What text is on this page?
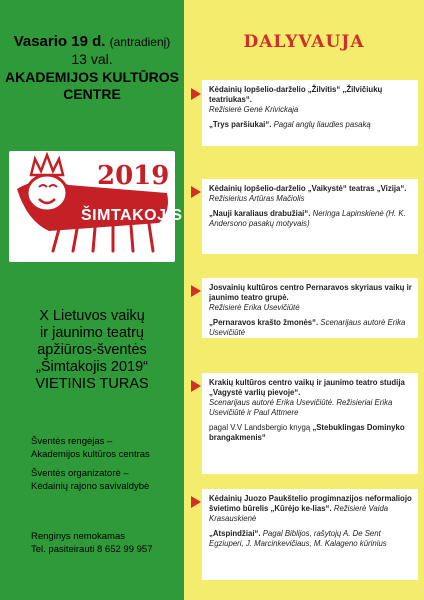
Vasario 19 d. (antradienį)
13 val.
AKADEMIJOS KULTŪROS
CENTRE
2019
ŠIMTAKOJIS
X Lietuvos vaikų
ir jaunimo teatrų
apžiūros-šventės
„Šimtakojis 2019“
VIETINIS TURAS

Šventės rengėjas –
Akademijos kultūros centras

Šventės organizatorė –
Kėdainių rajono savivaldybė

Renginys nemokamas
Tel. pasiteirauti 8 652 99 957
DALYVAUJA

Kėdainių lopšelio-darželio „Žilvitis“ „Žilvičiukų teatriukas“.
Režisierė Genė Krivickaja

„Trys paršiukai“. Pagal anglų liaudies pasaką

Kėdainių lopšelio-darželio „Vaikystė“ teatras „Vizija“. Režisierius Artūras Mačiolis

„Nauji karaliaus drabužiai“. Neringa Lapinskienė (H. K. Andersono pasakų motyvais)

Josvainių kultūros centro Pernaravos skyriaus vaikų ir jaunimo teatro grupė.
Režisierė Erika Usevičiūtė

„Pernaravos krašto žmonės“. Scenarijaus autorė Erika Usevičiūtė

Krakių kultūros centro vaikų ir jaunimo teatro studija „Vagystė varlių pievoje“.
Scenarijaus autorė Erika Usevičiūtė. Režisieriai Erika Usevičiūtė ir Paul Attmere

pagal V.V Landsbergio knygą „Stebuklingas Dominyko brangakmenis“

Kėdainių Juozo Paukštelio progimnazijos neformaliojo švietimo būrelis „Kūrėjo ke-lias“. Režisierė Vaida Krasauskienė

„Atspindžiai“. Pagal Biblijos, rašytojų A. De Sent Egziuperi, J. Marcinkevičiaus, M. Kalageno kūrinius
